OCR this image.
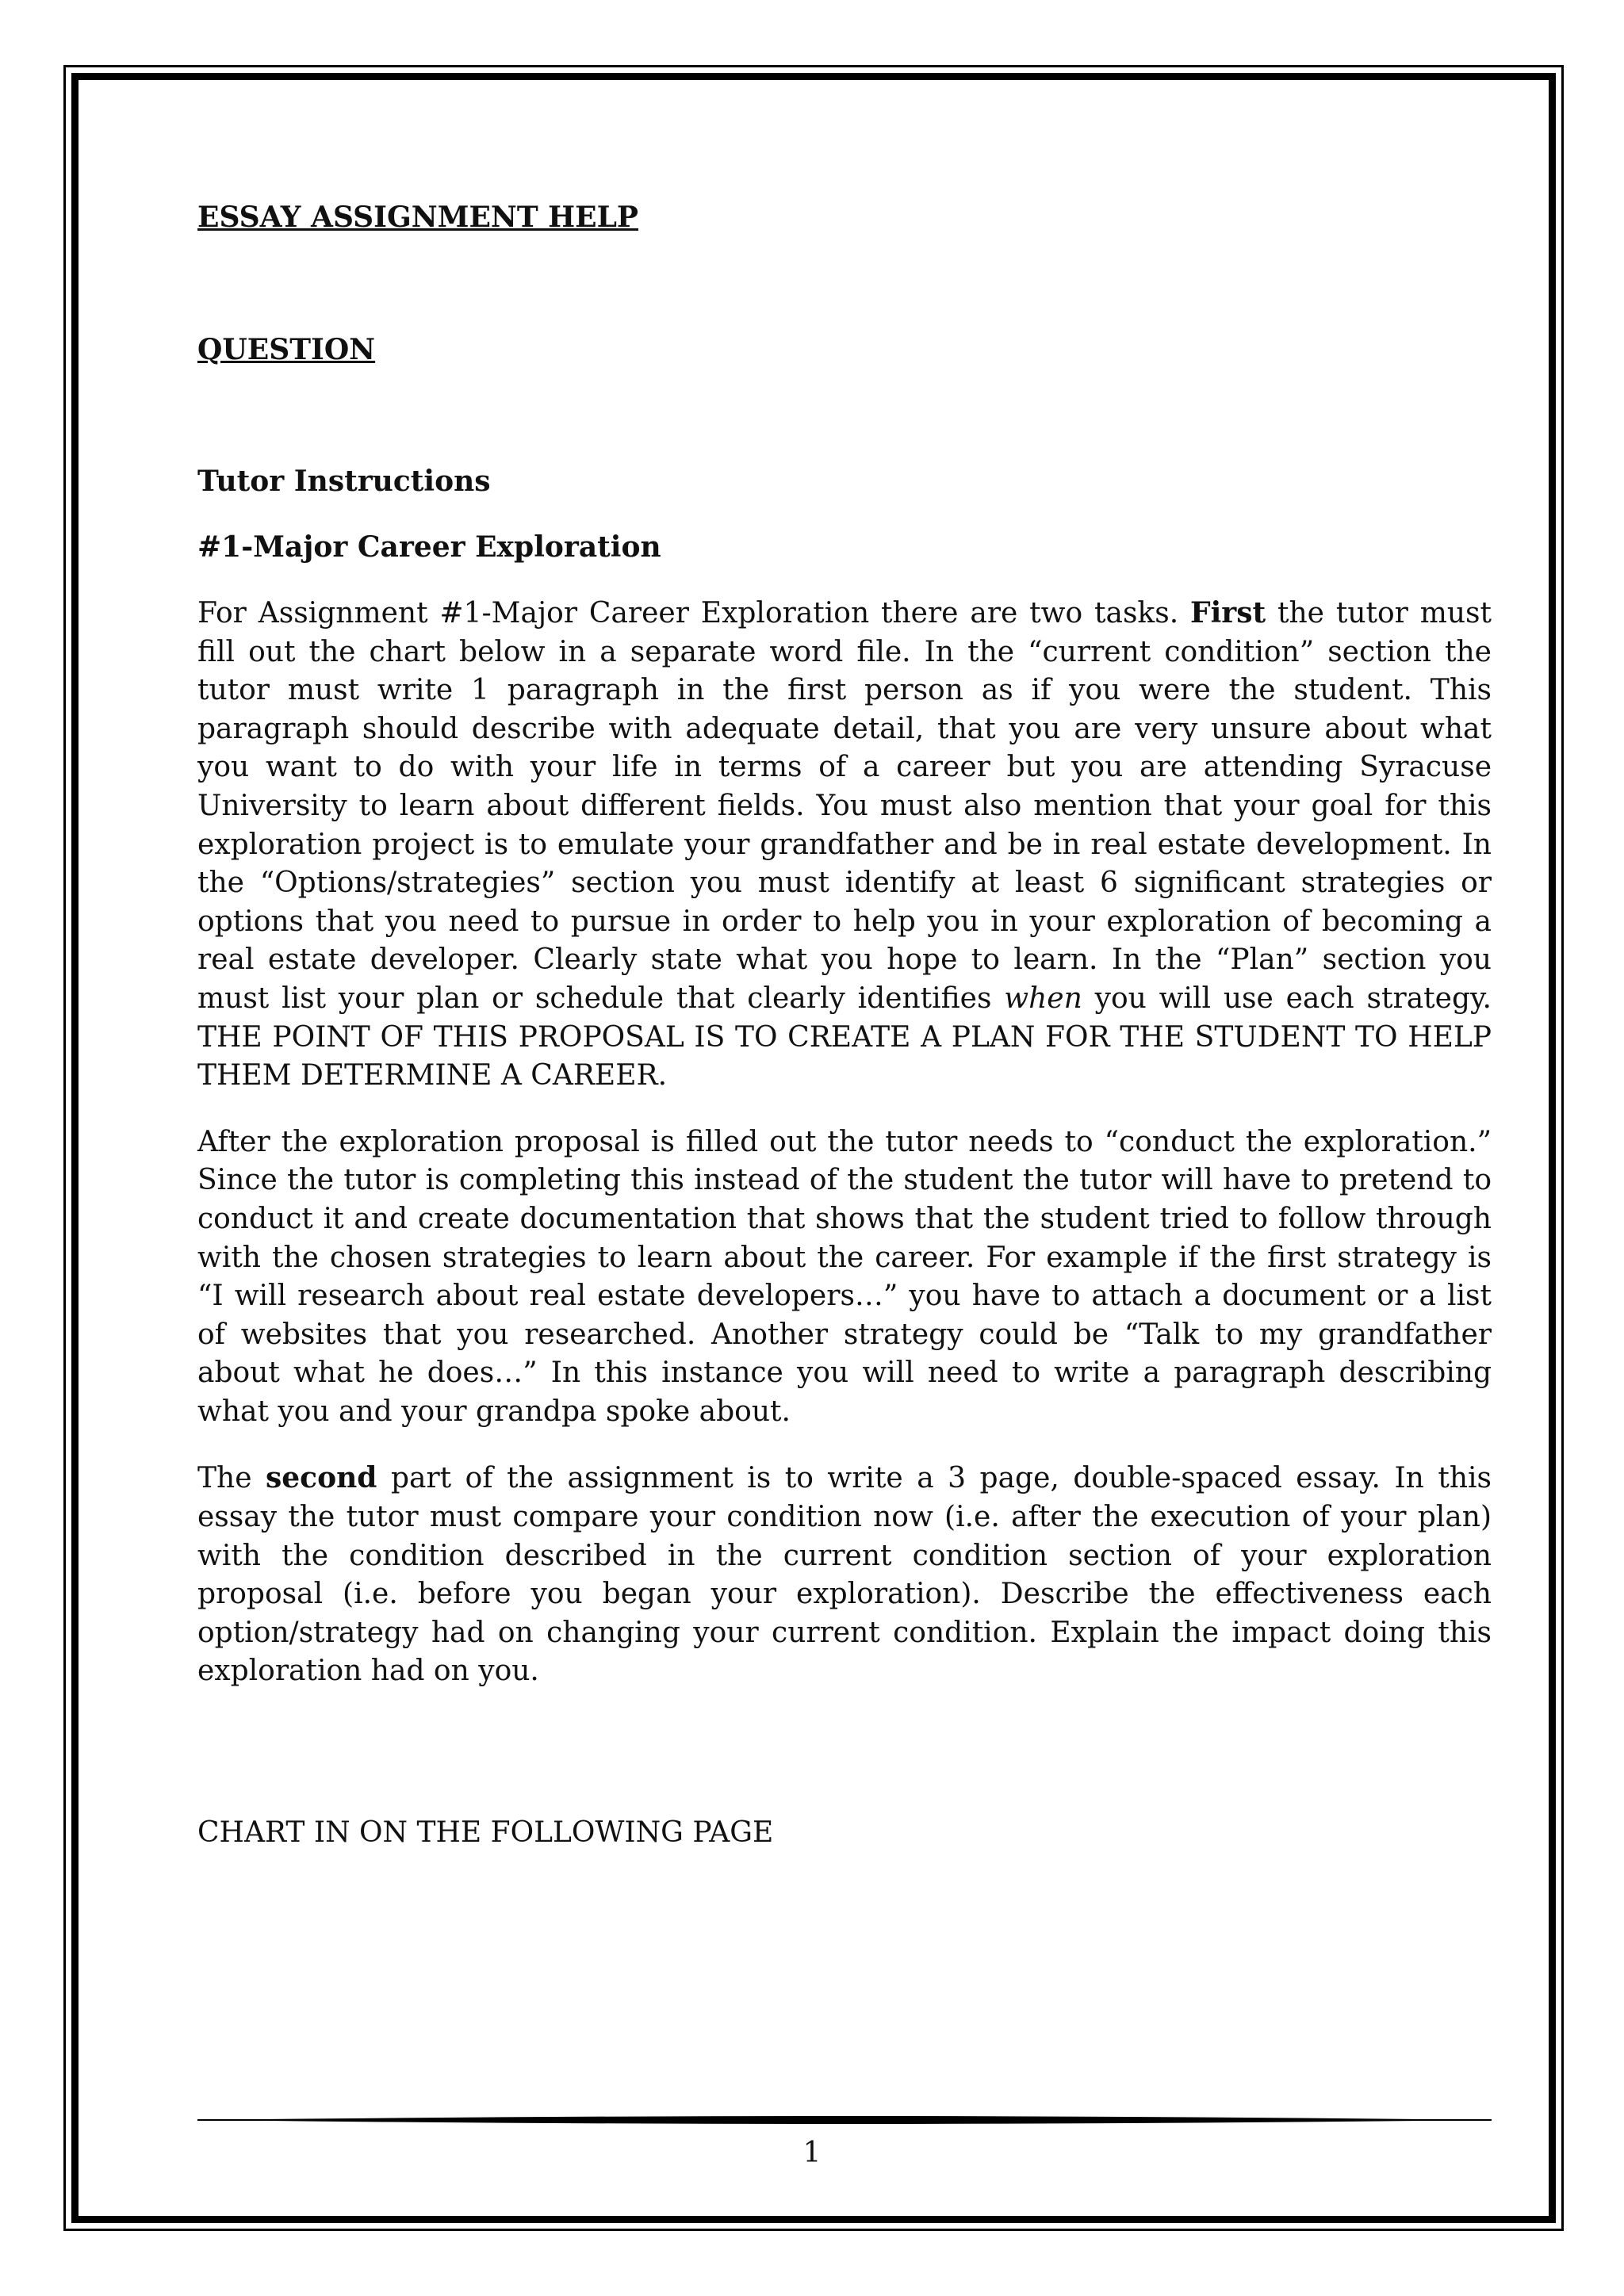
ESSAY ASSIGNMENT HELP

QUESTION

Tutor Instructions

#1-Major Career Exploration

For Assignment #1-Major Career Exploration there are two tasks. First the tutor must fill out the chart below in a separate word file. In the “current condition” section the tutor must write 1 paragraph in the first person as if you were the student. This paragraph should describe with adequate detail, that you are very unsure about what you want to do with your life in terms of a career but you are attending Syracuse University to learn about different fields. You must also mention that your goal for this exploration project is to emulate your grandfather and be in real estate development. In the “Options/strategies” section you must identify at least 6 significant strategies or options that you need to pursue in order to help you in your exploration of becoming a real estate developer. Clearly state what you hope to learn. In the “Plan” section you must list your plan or schedule that clearly identifies when you will use each strategy. THE POINT OF THIS PROPOSAL IS TO CREATE A PLAN FOR THE STUDENT TO HELP THEM DETERMINE A CAREER.

After the exploration proposal is filled out the tutor needs to “conduct the exploration.” Since the tutor is completing this instead of the student the tutor will have to pretend to conduct it and create documentation that shows that the student tried to follow through with the chosen strategies to learn about the career. For example if the first strategy is “I will research about real estate developers…” you have to attach a document or a list of websites that you researched. Another strategy could be “Talk to my grandfather about what he does…” In this instance you will need to write a paragraph describing what you and your grandpa spoke about.

The second part of the assignment is to write a 3 page, double-spaced essay. In this essay the tutor must compare your condition now (i.e. after the execution of your plan) with the condition described in the current condition section of your exploration proposal (i.e. before you began your exploration). Describe the effectiveness each option/strategy had on changing your current condition. Explain the impact doing this exploration had on you.

CHART IN ON THE FOLLOWING PAGE

1
